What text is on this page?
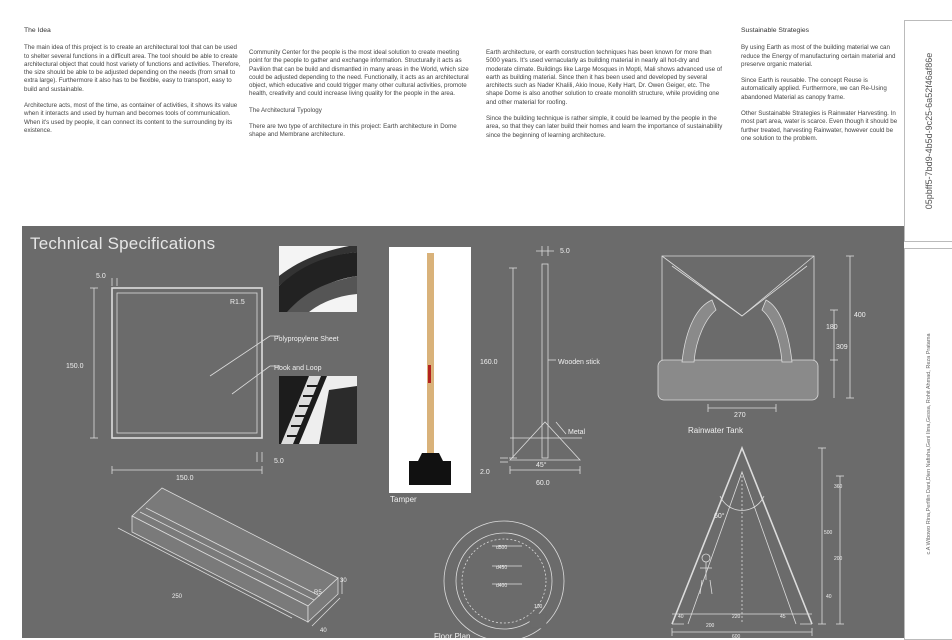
The Idea

The main idea of this project is to create an architectural tool that can be used to shelter several functions in a difficult area. The tool should be able to create architectural object that could host variety of functions and activities. Therefore, the size should be able to be adjusted depending on the needs (from small to extra large). Furthermore it also has to be flexible, easy to transport, easy to build and sustainable.

Architecture acts, most of the time, as container of activities, it shows its value when it interacts and used by human and becomes tools of communication. When it's used by people, it can connect its content to the surrounding by its existence.

Community Center for the people is the most ideal solution to create meeting point for the people to gather and exchange information. Structurally it acts as Pavilion that can be build and dismantled in many areas in the World, which size could be adjusted depending to the need. Functionally, it acts as an architectural object, which educative and could trigger many other cultural activities, promote health, creativity and could increase living quality for the people in the area.

The Architectural Typology

There are two type of architecture in this project: Earth architecture in Dome shape and Membrane architecture.

Earth architecture, or earth construction techniques has been known for more than 5000 years. It's used vernacularly as building material in nearly all hot-dry and moderate climate. Buildings like Large Mosques in Mopti, Mali shows advanced use of earth as building material. Since then it has been used and developed by several architects such as Nader Khalili, Akio Inoue, Kelly Hart, Dr. Owen Geiger, etc. The shape Dome is also another solution to create monolith structure, while providing one and other material for roofing.

Since the building technique is rather simple, it could be learned by the people in the area, so that they can later build their homes and learn the importance of sustainability since the beginning of learning architecture.

Sustainable Strategies

By using Earth as most of the building material we can reduce the Energy of manufacturing certain material and preserve organic material.

Since Earth is reusable. The concept Reuse is automatically applied. Furthermore, we can Re-Using abandoned Material as canopy frame.

Other Sustainable Strategies is Rainwater Harvesting. In most part area, water is scarce. Even though it should be further treated, harvesting Rainwater, however could be one solution to the problem.	05pbff5-7bd9-4b5d-9c25-6a52f46af86e
c.A Wibowo Rina,Perfilin Dani,Dien Nafisha,Geni Ilma,Gessa, Rohit Ahmad, Reza Pratama
Technical Specifications
5.0
R1.5
150.0
150.0
5.0
Polypropylene Sheet
Hook and Loop
Tamper
5.0
160.0	Wooden stick
Metal
45°
2.0
60.0
Rainwater Tank
400
180
309
270
d500
d450
d400
100
Floor Plan
60°
360
500
200
40
40	220	45
200
600
250
30
R5
40
